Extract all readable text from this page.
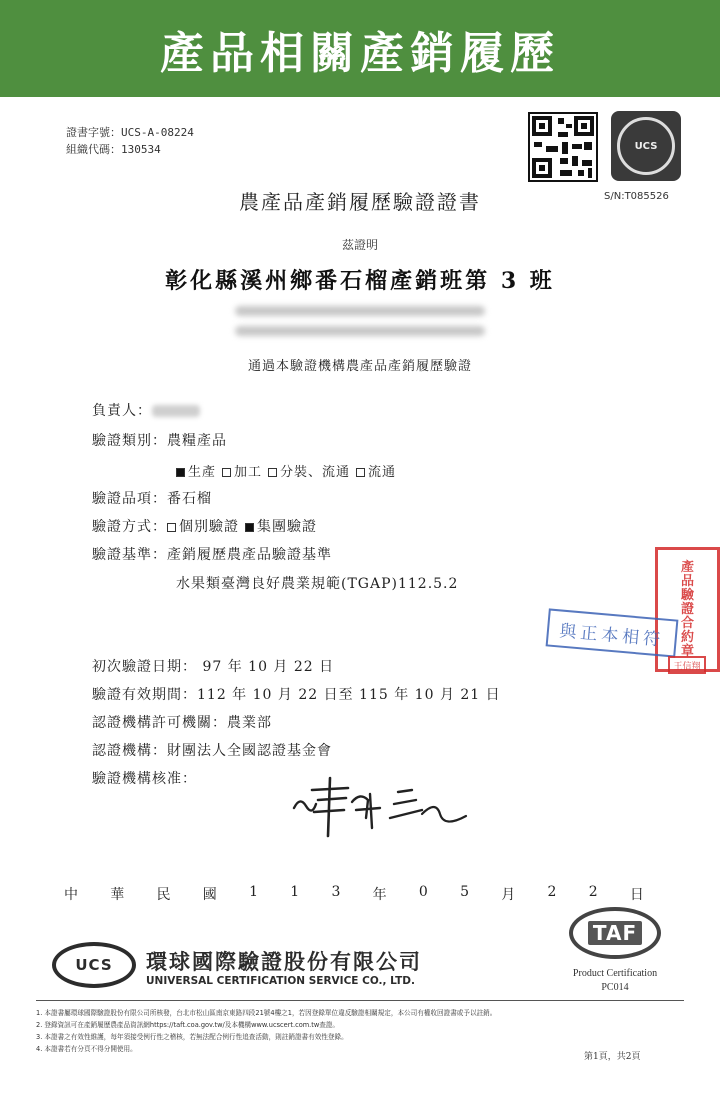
產品相關產銷履歷
證書字號： UCS-A-08224
組織代碼： 130534	UCS
S/N:T085526
農產品產銷履歷驗證證書
茲證明
彰化縣溪州鄉番石榴產銷班第 3 班
通過本驗證機構農產品產銷履歷驗證
負責人：
驗證類別：農糧產品
生產 加工 分裝、流通 流通
驗證品項：番石榴
驗證方式： 個別驗證 集團驗證
驗證基準：產銷履歷農產品驗證基準
水果類臺灣良好農業規範(TGAP)112.5.2
產
品
驗
證
合
約
章
與正本相符
王信翔
初次驗證日期： 97 年 10 月 22 日
驗證有效期間：112 年 10 月 22 日至 115 年 10 月 21 日
認證機構許可機關：農業部
認證機構：財團法人全國認證基金會
驗證機構核准：
中 華 民 國 1 1 3 年 0 5 月 2 2 日
UCS 環球國際驗證股份有限公司
UNIVERSAL CERTIFICATION SERVICE CO., LTD.
TAF
Product Certification
PC014
1. 本證書屬環球國際驗證股份有限公司所核發，台北市松山區南京東路四段21號4樓之1，若因登錄單位違反驗證相關規定，本公司有權收回證書或予以註銷。
2. 登錄資訊可在產銷履歷農產品資訊網https://taft.coa.gov.tw/及本機構www.ucscert.com.tw查證。
3. 本證書之有效性維護，每年須接受例行性之稽核，若無法配合例行性追查活動，則註銷證書有效性登錄。
4. 本證書若有分頁不得分開使用。
第1頁，共2頁
